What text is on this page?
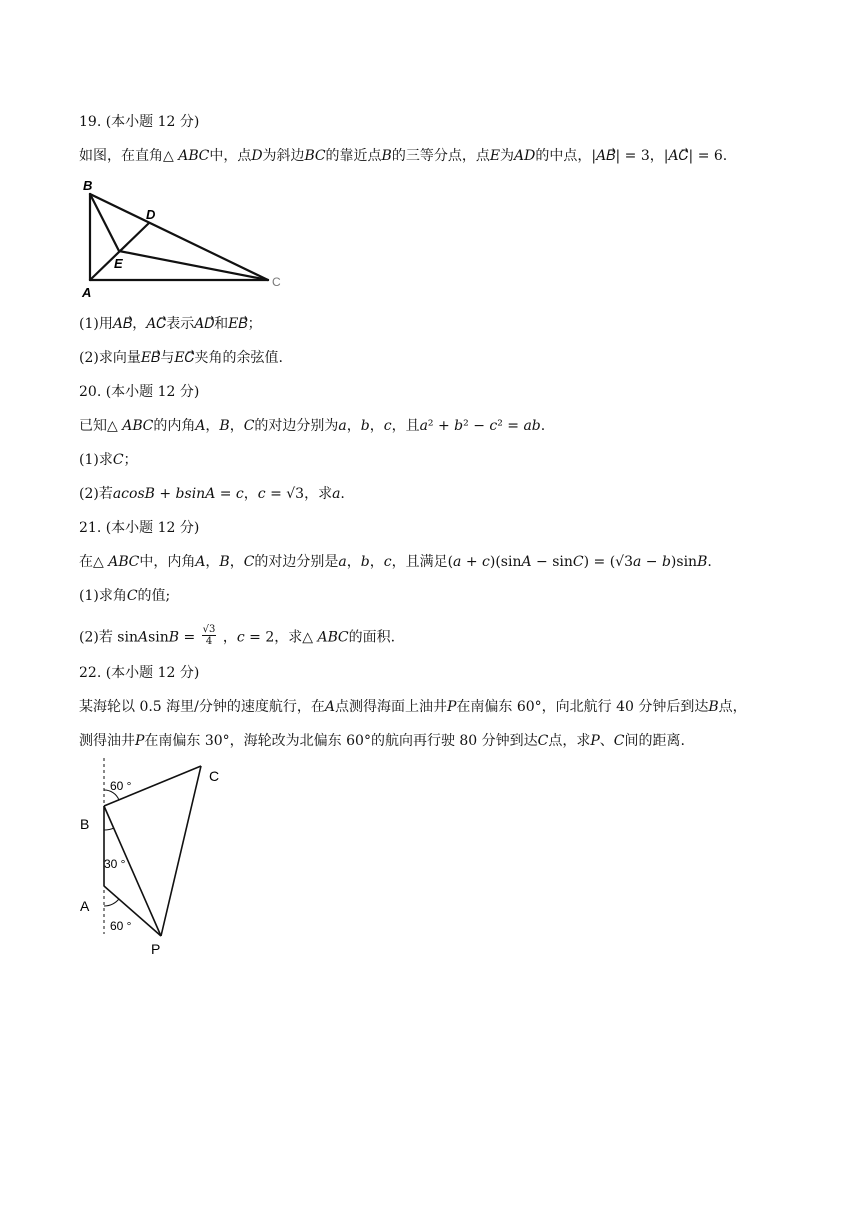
19. (本小题 12 分)
如图，在直角△ 𝐴𝐵𝐶中，点𝐷为斜边𝐵𝐶的靠近点𝐵的三等分点，点𝐸为𝐴𝐷的中点，|𝐴𝐵⃗| = 3，|𝐴𝐶⃗| = 6.
B
D
E
A
C
(1)用𝐴𝐵⃗，𝐴𝐶⃗表示𝐴𝐷⃗和𝐸𝐵⃗；
(2)求向量𝐸𝐵⃗与𝐸𝐶⃗夹角的余弦值.
20. (本小题 12 分)
已知△ 𝐴𝐵𝐶的内角𝐴，𝐵，𝐶的对边分别为𝑎，𝑏，𝑐，且𝑎² + 𝑏² − 𝑐² = 𝑎𝑏.
(1)求𝐶；
(2)若𝑎𝑐𝑜𝑠𝐵 + 𝑏𝑠𝑖𝑛𝐴 = 𝑐，𝑐 = √3，求𝑎.
21. (本小题 12 分)
在△ 𝐴𝐵𝐶中，内角𝐴，𝐵，𝐶的对边分别是𝑎，𝑏，𝑐，且满足(𝑎 + 𝑐)(sin𝐴 − sin𝐶) = (√3𝑎 − 𝑏)sin𝐵.
(1)求角𝐶的值;
(2)若 sin𝐴sin𝐵 = $\frac{√3}{4}$ ，𝑐 = 2，求△ 𝐴𝐵𝐶的面积.
22. (本小题 12 分)
某海轮以 0.5 海里/分钟的速度航行，在𝐴点测得海面上油井𝑃在南偏东 60°，向北航行 40 分钟后到达𝐵点，
测得油井𝑃在南偏东 30°，海轮改为北偏东 60°的航向再行驶 80 分钟到达𝐶点，求𝑃、𝐶间的距离.
60 °
30 °
60 °
C
B
A
P
